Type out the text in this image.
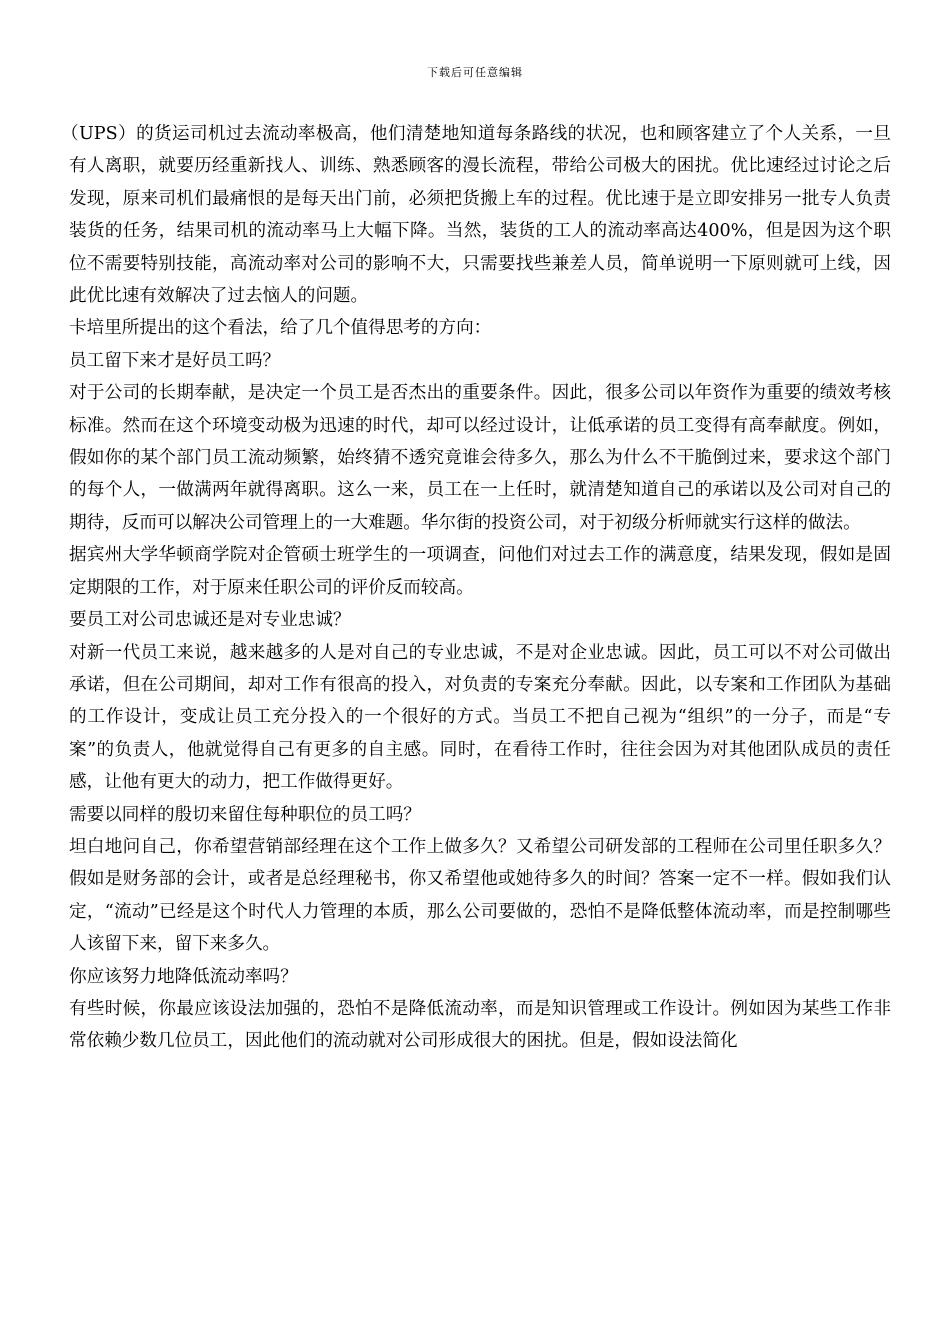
下载后可任意编辑

（UPS）的货运司机过去流动率极高，他们清楚地知道每条路线的状况，也和顾客建立了个人关系，一旦有人离职，就要历经重新找人、训练、熟悉顾客的漫长流程，带给公司极大的困扰。优比速经过讨论之后发现，原来司机们最痛恨的是每天出门前，必须把货搬上车的过程。优比速于是立即安排另一批专人负责装货的任务，结果司机的流动率马上大幅下降。当然，装货的工人的流动率高达400%，但是因为这个职位不需要特别技能，高流动率对公司的影响不大，只需要找些兼差人员，简单说明一下原则就可上线，因此优比速有效解决了过去恼人的问题。

卡培里所提出的这个看法，给了几个值得思考的方向：

员工留下来才是好员工吗？

对于公司的长期奉献，是决定一个员工是否杰出的重要条件。因此，很多公司以年资作为重要的绩效考核标准。然而在这个环境变动极为迅速的时代，却可以经过设计，让低承诺的员工变得有高奉献度。例如，假如你的某个部门员工流动频繁，始终猜不透究竟谁会待多久，那么为什么不干脆倒过来，要求这个部门的每个人，一做满两年就得离职。这么一来，员工在一上任时，就清楚知道自己的承诺以及公司对自己的期待，反而可以解决公司管理上的一大难题。华尔街的投资公司，对于初级分析师就实行这样的做法。

据宾州大学华顿商学院对企管硕士班学生的一项调查，问他们对过去工作的满意度，结果发现，假如是固定期限的工作，对于原来任职公司的评价反而较高。

要员工对公司忠诚还是对专业忠诚？

对新一代员工来说，越来越多的人是对自己的专业忠诚，不是对企业忠诚。因此，员工可以不对公司做出承诺，但在公司期间，却对工作有很高的投入，对负责的专案充分奉献。因此，以专案和工作团队为基础的工作设计，变成让员工充分投入的一个很好的方式。当员工不把自己视为“组织”的一分子，而是“专案”的负责人，他就觉得自己有更多的自主感。同时，在看待工作时，往往会因为对其他团队成员的责任感，让他有更大的动力，把工作做得更好。

需要以同样的殷切来留住每种职位的员工吗？

坦白地问自己，你希望营销部经理在这个工作上做多久？又希望公司研发部的工程师在公司里任职多久？假如是财务部的会计，或者是总经理秘书，你又希望他或她待多久的时间？答案一定不一样。假如我们认定，“流动”已经是这个时代人力管理的本质，那么公司要做的，恐怕不是降低整体流动率，而是控制哪些人该留下来，留下来多久。

你应该努力地降低流动率吗？

有些时候，你最应该设法加强的，恐怕不是降低流动率，而是知识管理或工作设计。例如因为某些工作非常依赖少数几位员工，因此他们的流动就对公司形成很大的困扰。但是，假如设法简化
